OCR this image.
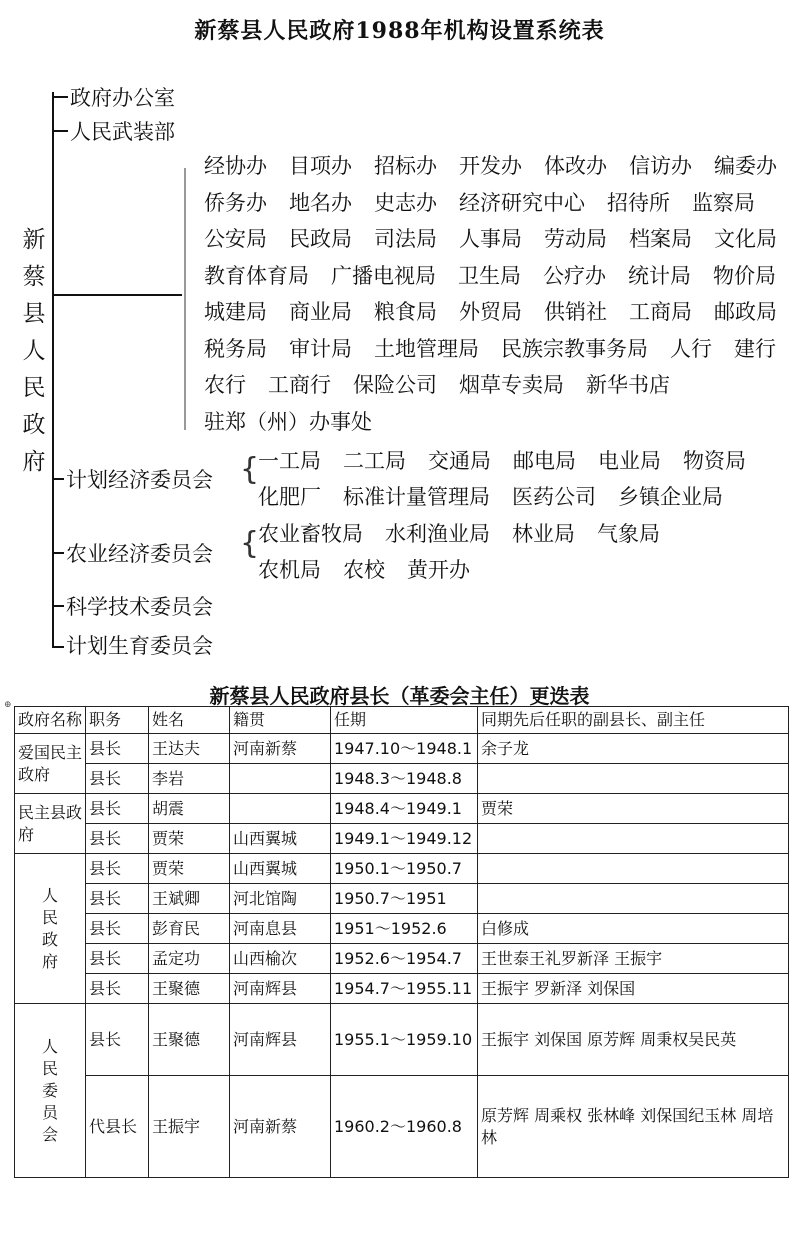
新蔡县人民政府1988年机构设置系统表
新
蔡
县
人
民
政
府
政府办公室
人民武装部
经协办 目项办 招标办 开发办 体改办 信访办 编委办
侨务办 地名办 史志办 经济研究中心 招待所 监察局
公安局 民政局 司法局 人事局 劳动局 档案局 文化局
教育体育局 广播电视局 卫生局 公疗办 统计局 物价局
城建局 商业局 粮食局 外贸局 供销社 工商局 邮政局
税务局 审计局 土地管理局 民族宗教事务局 人行 建行
农行 工商行 保险公司 烟草专卖局 新华书店
驻郑（州）办事处
计划经济委员会 {
农业经济委员会 {
科学技术委员会
计划生育委员会
一工局 二工局 交通局 邮电局 电业局 物资局
化肥厂 标准计量管理局 医药公司 乡镇企业局
农业畜牧局 水利渔业局 林业局 气象局
农机局 农校 黄开办
新蔡县人民政府县长（革委会主任）更迭表
⊕
政府名称	职务	姓名	籍贯	任期	同期先后任职的副县长、副主任
爱国民主政府	县长	王达夫	河南新蔡	1947.10～1948.1	余子龙
	县长	李岩		1948.3～1948.8	
民主县政府	县长	胡震		1948.4～1949.1	贾荣
	县长	贾荣	山西翼城	1949.1～1949.12	

人民政府	县长	贾荣	山西翼城	1950.1～1950.7	
	县长	王斌卿	河北馆陶	1950.7～1951	
	县长	彭育民	河南息县	1951～1952.6	白修成
	县长	孟定功	山西榆次	1952.6～1954.7	王世泰王礼罗新泽 王振宇
	县长	王聚德	河南辉县	1954.7～1955.11	王振宇 罗新泽 刘保国

人民委员会	县长	王聚德	河南辉县	1955.1～1959.10	王振宇 刘保国 原芳辉 周秉权吴民英
	代县长	王振宇	河南新蔡	1960.2～1960.8	原芳辉 周乘权 张林峰 刘保国纪玉林 周培林
新蔡县人民政府
